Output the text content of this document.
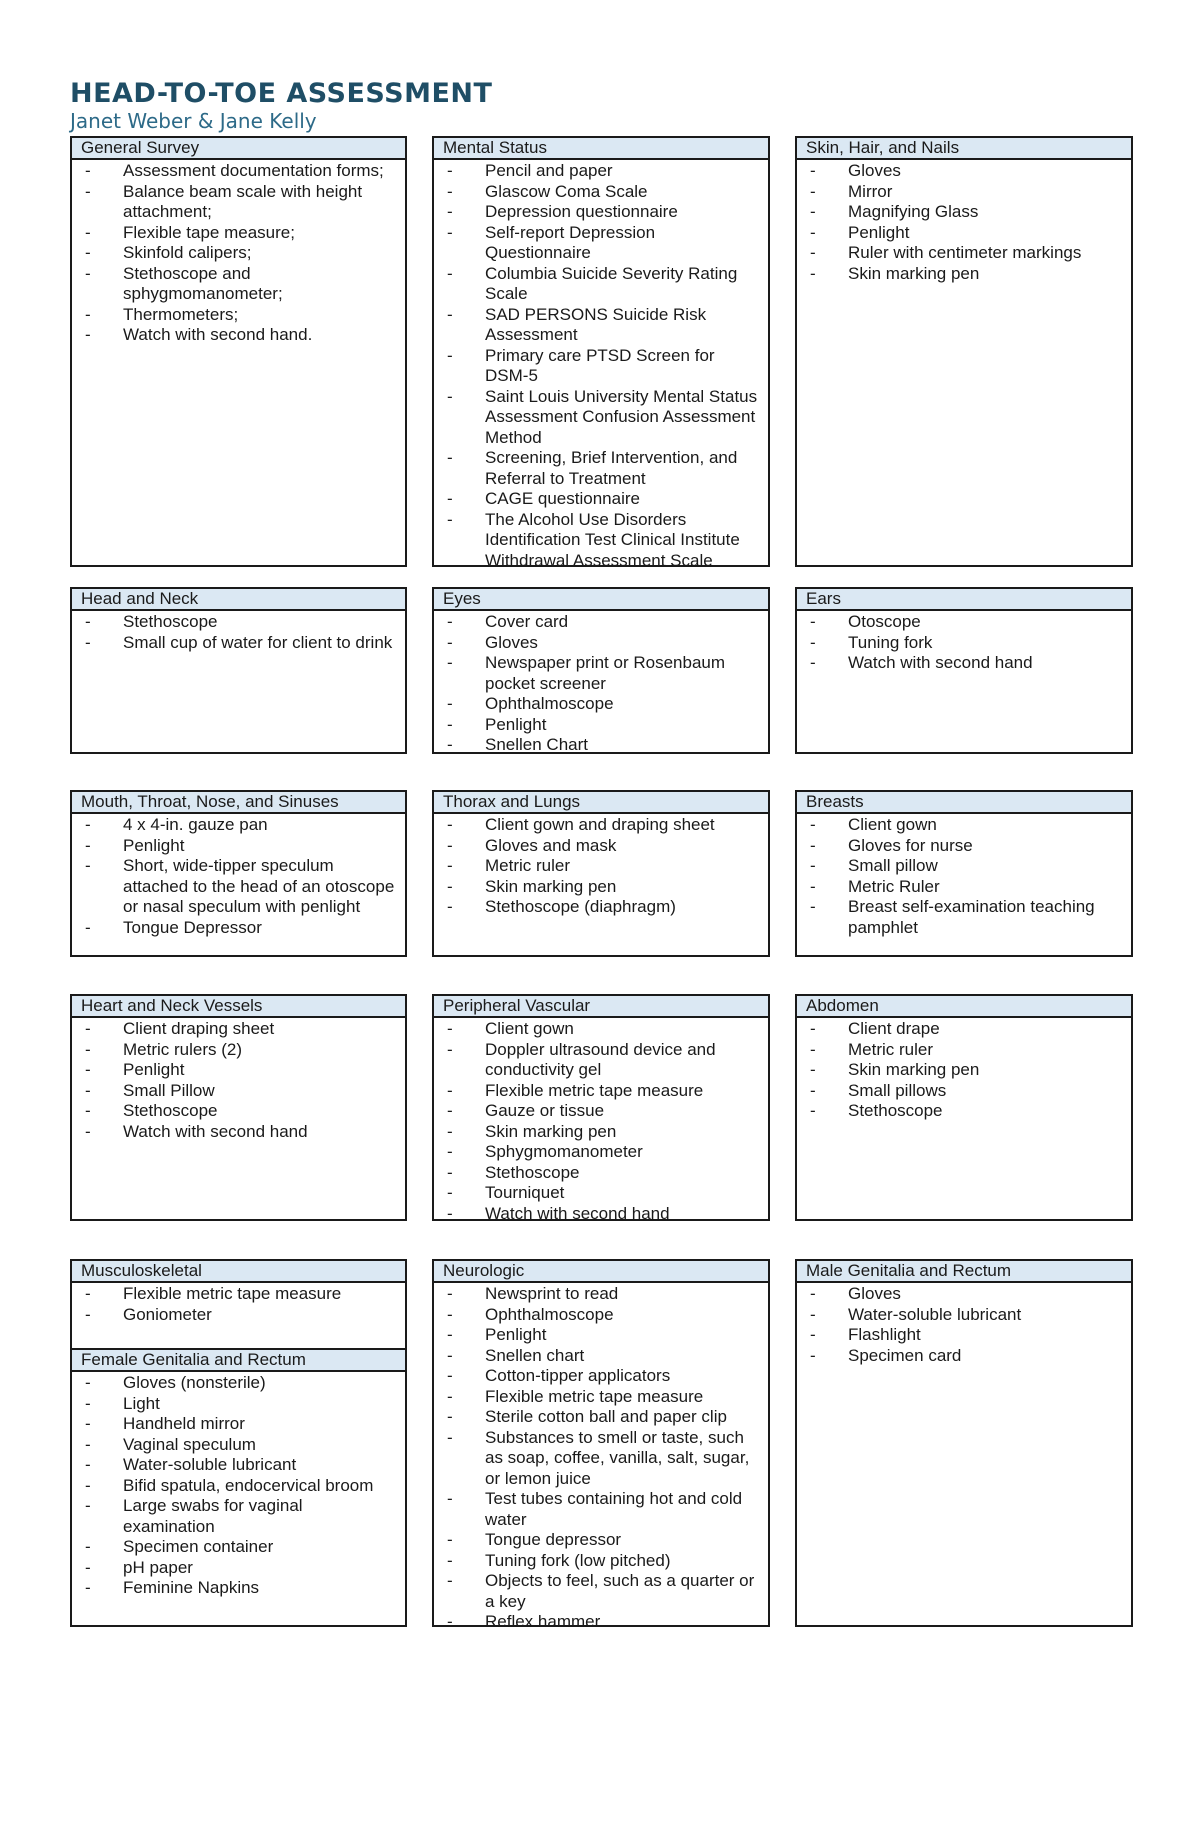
HEAD-TO-TOE ASSESSMENT
Janet Weber & Jane Kelly
General Survey
- Assessment documentation forms;
- Balance beam scale with height attachment;
- Flexible tape measure;
- Skinfold calipers;
- Stethoscope and sphygmomanometer;
- Thermometers;
- Watch with second hand.
Mental Status
- Pencil and paper
- Glascow Coma Scale
- Depression questionnaire
- Self-report Depression Questionnaire
- Columbia Suicide Severity Rating Scale
- SAD PERSONS Suicide Risk Assessment
- Primary care PTSD Screen for DSM-5
- Saint Louis University Mental Status Assessment Confusion Assessment Method
- Screening, Brief Intervention, and Referral to Treatment
- CAGE questionnaire
- The Alcohol Use Disorders Identification Test Clinical Institute Withdrawal Assessment Scale
Skin, Hair, and Nails
- Gloves
- Mirror
- Magnifying Glass
- Penlight
- Ruler with centimeter markings
- Skin marking pen
Head and Neck
- Stethoscope
- Small cup of water for client to drink
Eyes
- Cover card
- Gloves
- Newspaper print or Rosenbaum pocket screener
- Ophthalmoscope
- Penlight
- Snellen Chart
Ears
- Otoscope
- Tuning fork
- Watch with second hand
Mouth, Throat, Nose, and Sinuses
- 4 x 4-in. gauze pan
- Penlight
- Short, wide-tipper speculum attached to the head of an otoscope or nasal speculum with penlight
- Tongue Depressor
Thorax and Lungs
- Client gown and draping sheet
- Gloves and mask
- Metric ruler
- Skin marking pen
- Stethoscope (diaphragm)
Breasts
- Client gown
- Gloves for nurse
- Small pillow
- Metric Ruler
- Breast self-examination teaching pamphlet
Heart and Neck Vessels
- Client draping sheet
- Metric rulers (2)
- Penlight
- Small Pillow
- Stethoscope
- Watch with second hand
Peripheral Vascular
- Client gown
- Doppler ultrasound device and conductivity gel
- Flexible metric tape measure
- Gauze or tissue
- Skin marking pen
- Sphygmomanometer
- Stethoscope
- Tourniquet
- Watch with second hand
Abdomen
- Client drape
- Metric ruler
- Skin marking pen
- Small pillows
- Stethoscope
Musculoskeletal
- Flexible metric tape measure
- Goniometer
Female Genitalia and Rectum
- Gloves (nonsterile)
- Light
- Handheld mirror
- Vaginal speculum
- Water-soluble lubricant
- Bifid spatula, endocervical broom
- Large swabs for vaginal examination
- Specimen container
- pH paper
- Feminine Napkins
Neurologic
- Newsprint to read
- Ophthalmoscope
- Penlight
- Snellen chart
- Cotton-tipper applicators
- Flexible metric tape measure
- Sterile cotton ball and paper clip
- Substances to smell or taste, such as soap, coffee, vanilla, salt, sugar, or lemon juice
- Test tubes containing hot and cold water
- Tongue depressor
- Tuning fork (low pitched)
- Objects to feel, such as a quarter or a key
- Reflex hammer
Male Genitalia and Rectum
- Gloves
- Water-soluble lubricant
- Flashlight
- Specimen card
